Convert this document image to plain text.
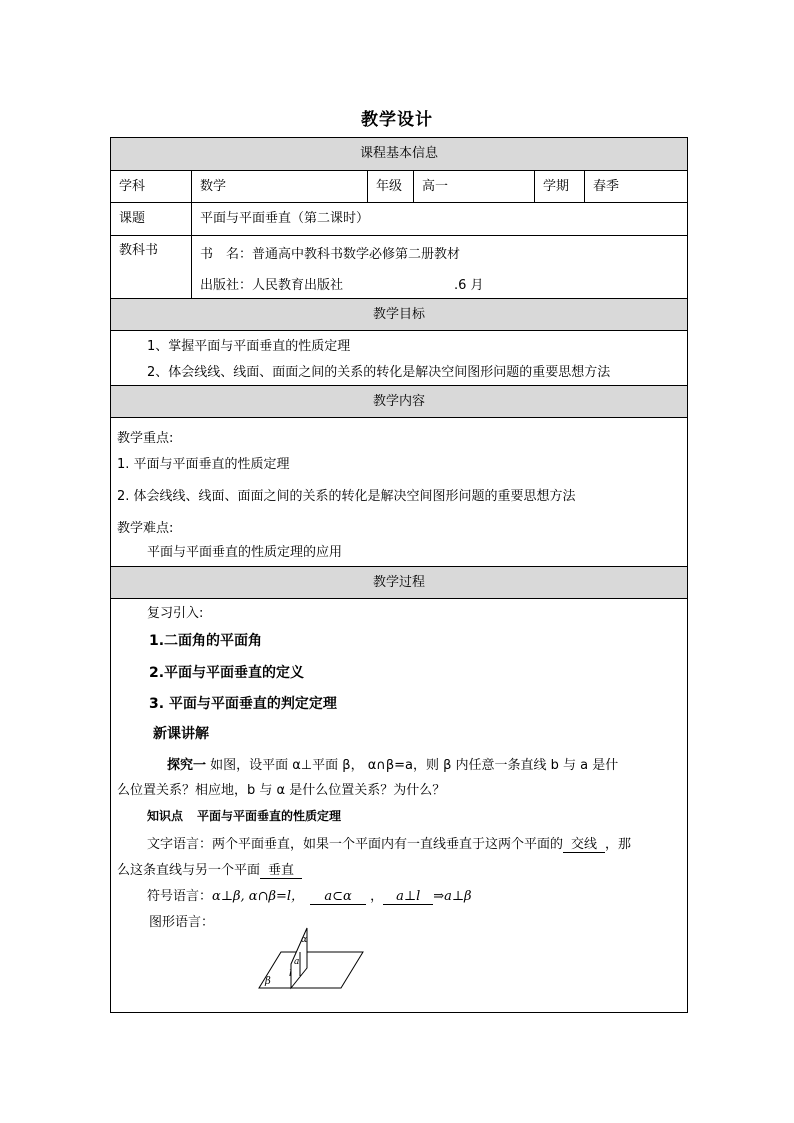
教学设计
课程基本信息
学科	数学	年级	高一	学期	春季
课题	平面与平面垂直（第二课时）
教科书	书　名：普通高中教科书数学必修第二册教材
出版社：人民教育出版社	.6 月
教学目标
1、掌握平面与平面垂直的性质定理
2、体会线线、线面、面面之间的关系的转化是解决空间图形问题的重要思想方法
教学内容
教学重点:
1. 平面与平面垂直的性质定理
2. 体会线线、线面、面面之间的关系的转化是解决空间图形问题的重要思想方法
教学难点:
平面与平面垂直的性质定理的应用
教学过程
复习引入:
1.二面角的平面角
2.平面与平面垂直的定义
3. 平面与平面垂直的判定定理
新课讲解
探究一 如图，设平面 α⊥平面 β， α∩β=a，则 β 内任意一条直线 b 与 a 是什
么位置关系？相应地，b 与 α 是什么位置关系？为什么？
知识点 平面与平面垂直的性质定理
文字语言：两个平面垂直，如果一个平面内有一直线垂直于这两个平面的 交线 ，那
么这条直线与另一个平面 垂直
符号语言：α⊥β, α∩β=l， a⊂α ， a⊥l ⇒a⊥β
图形语言：
α
a
l
β
